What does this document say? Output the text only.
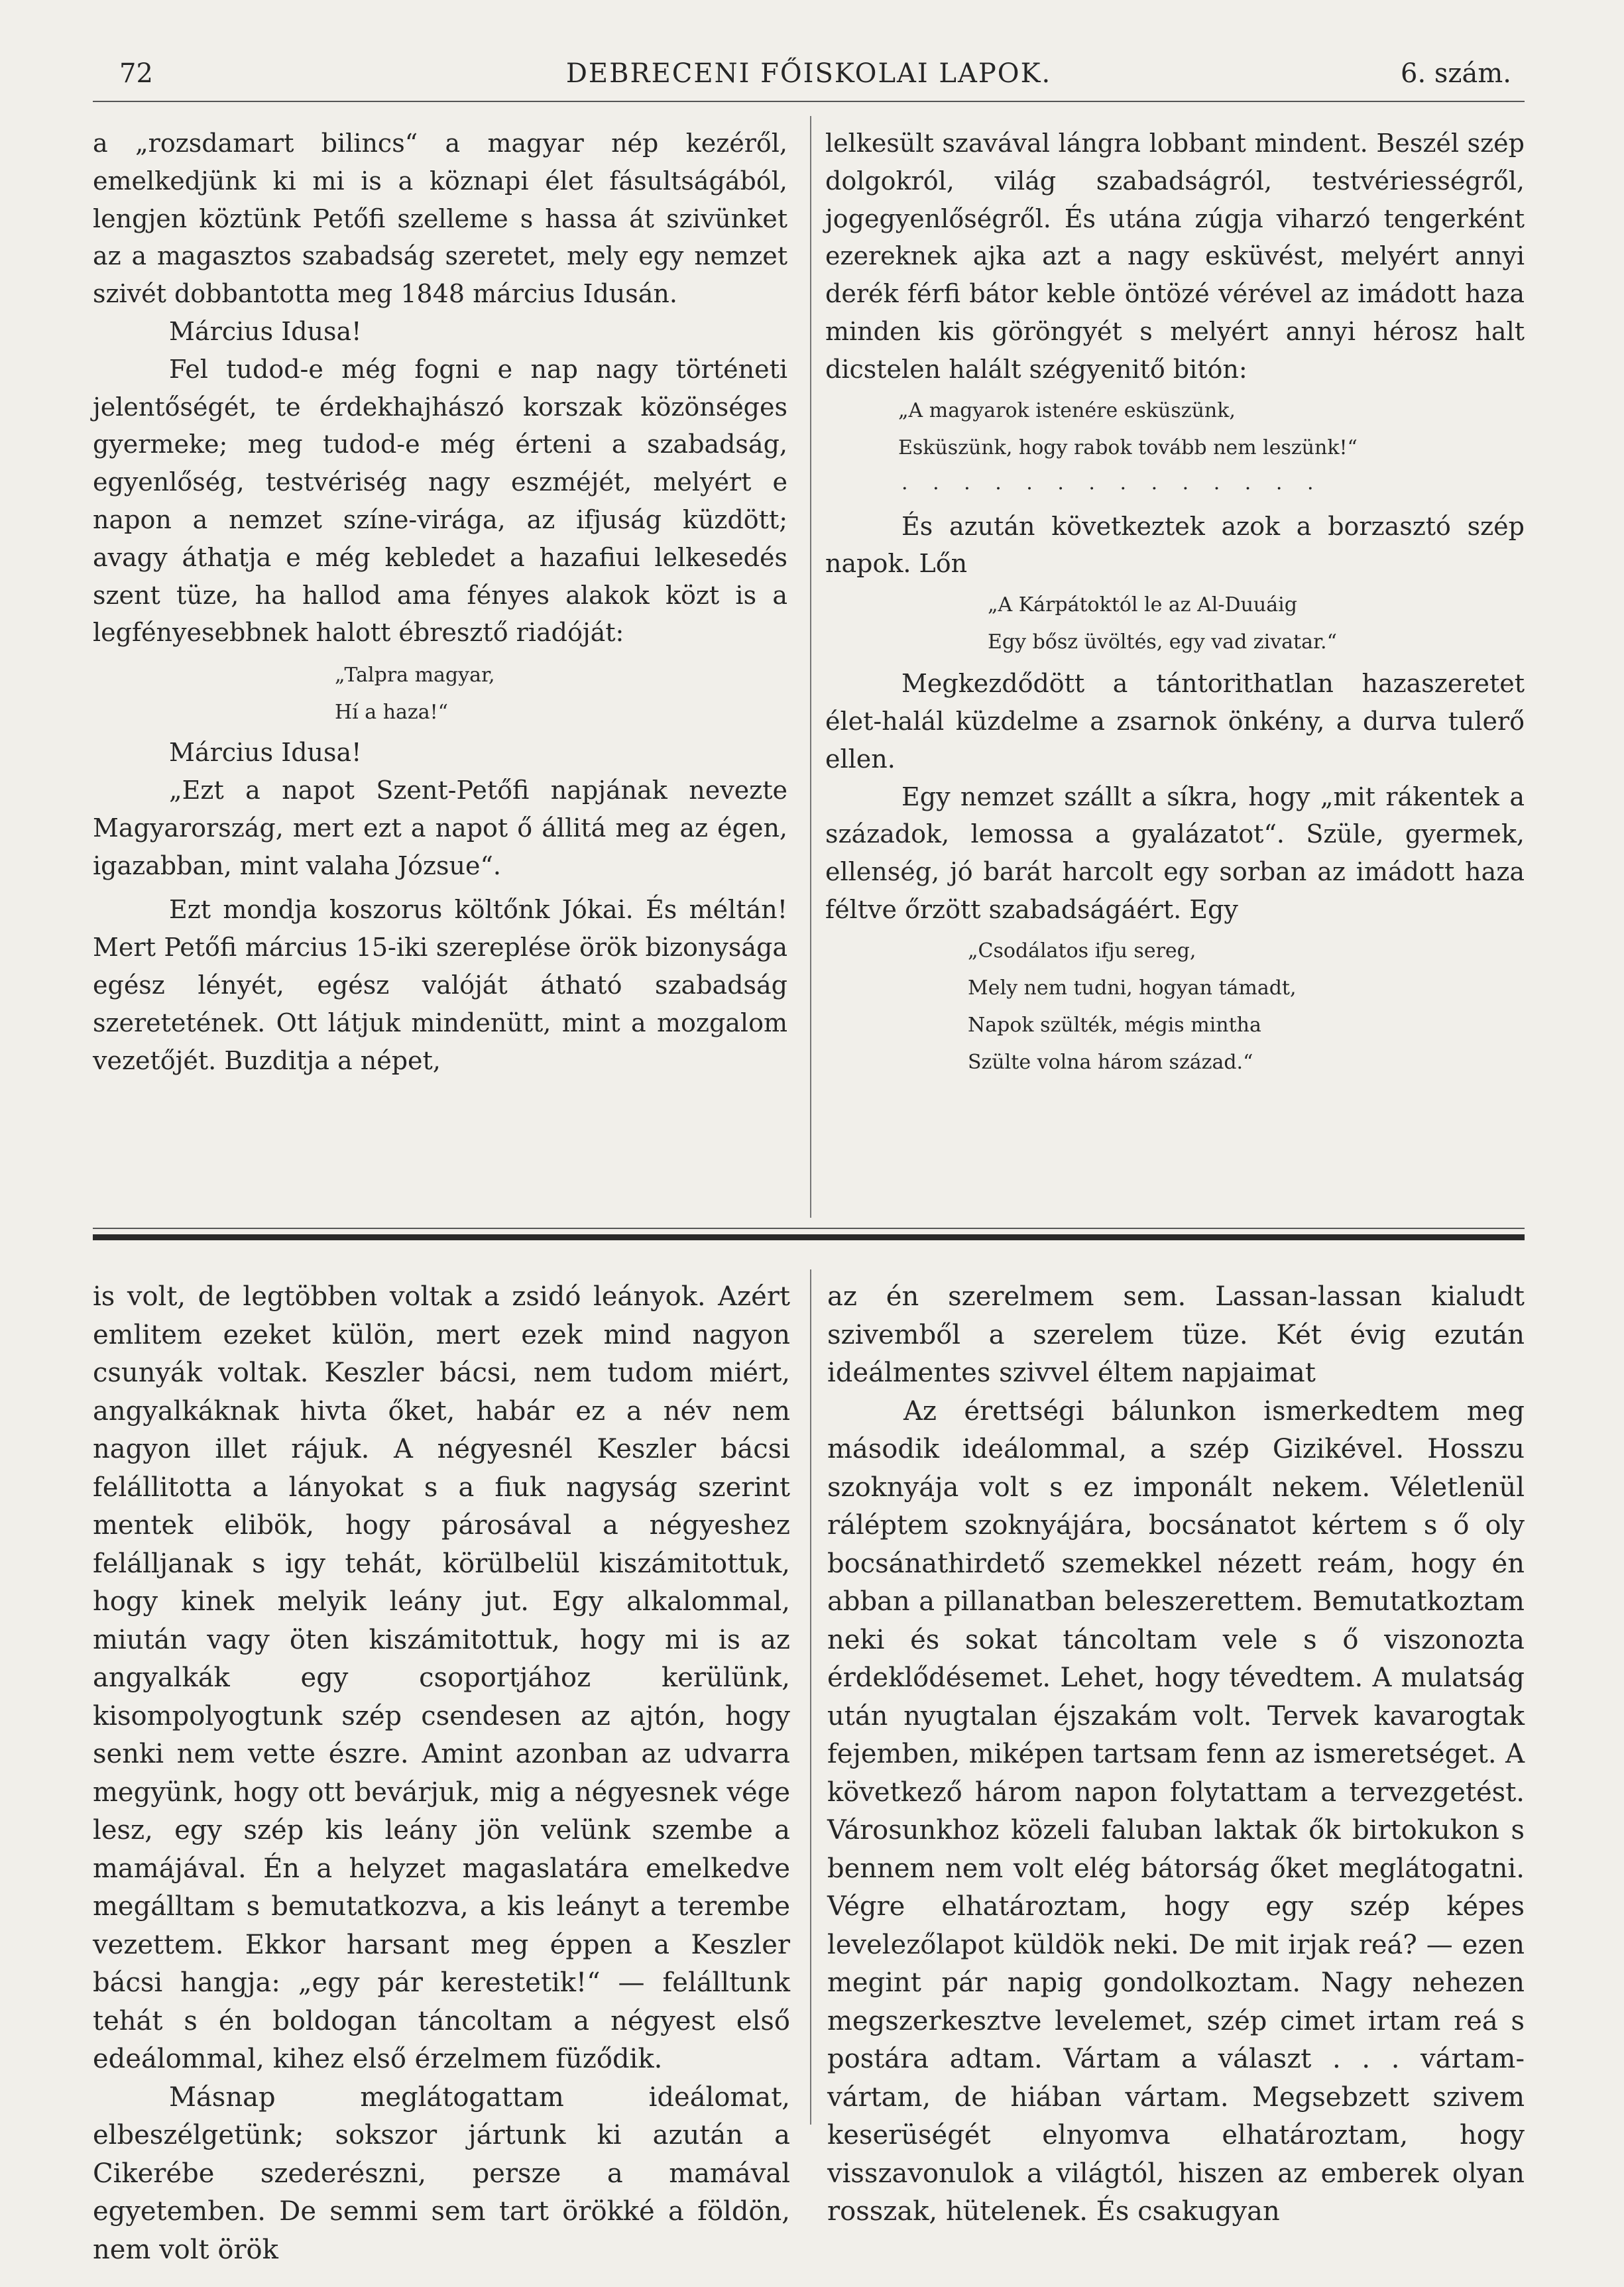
72	DEBRECENI FŐISKOLAI LAPOK.	6. szám.

a „rozsdamart bilincs“ a magyar nép kezéről, emelkedjünk ki mi is a köznapi élet fásultságából, lengjen köztünk Petőfi szelleme s hassa át szivünket az a magasztos szabadság szeretet, mely egy nemzet szivét dobbantotta meg 1848 március Idusán.

Március Idusa!

Fel tudod-e még fogni e nap nagy történeti jelentőségét, te érdekhajhászó korszak közönséges gyermeke; meg tudod-e még érteni a szabadság, egyenlőség, testvériség nagy eszméjét, melyért e napon a nemzet színe-virága, az ifjuság küzdött; avagy áthatja e még kebledet a hazafiui lelkesedés szent tüze, ha hallod ama fényes alakok közt is a legfényesebbnek halott ébresztő riadóját:

„Talpra magyar,
Hí a haza!“

Március Idusa!

„Ezt a napot Szent-Petőfi napjának nevezte Magyarország, mert ezt a napot ő állitá meg az égen, igazabban, mint valaha Józsue“.

Ezt mondja koszorus költőnk Jókai. És méltán! Mert Petőfi március 15-iki szereplése örök bizonysága egész lényét, egész valóját átható szabadság szeretetének. Ott látjuk mindenütt, mint a mozgalom vezetőjét. Buzditja a népet,

lelkesült szavával lángra lobbant mindent. Beszél szép dolgokról, világ szabadságról, testvériességről, jogegyenlőségről. És utána zúgja viharzó tengerként ezereknek ajka azt a nagy esküvést, melyért annyi derék férfi bátor keble öntözé vérével az imádott haza minden kis göröngyét s melyért annyi hérosz halt dicstelen halált szégyenitő bitón:

„A magyarok istenére esküszünk,
Esküszünk, hogy rabok tovább nem leszünk!“
. . . . . . . . . . . . . .

És azután következtek azok a borzasztó szép napok. Lőn

„A Kárpátoktól le az Al-Duuáig
Egy bősz üvöltés, egy vad zivatar.“

Megkezdődött a tántorithatlan hazaszeretet élet-halál küzdelme a zsarnok önkény, a durva tulerő ellen.

Egy nemzet szállt a síkra, hogy „mit rákentek a századok, lemossa a gyalázatot“. Szüle, gyermek, ellenség, jó barát harcolt egy sorban az imádott haza féltve őrzött szabadságáért. Egy

„Csodálatos ifju sereg,
Mely nem tudni, hogyan támadt,
Napok szülték, mégis mintha
Szülte volna három század.“

is volt, de legtöbben voltak a zsidó leányok. Azért emlitem ezeket külön, mert ezek mind nagyon csunyák voltak. Keszler bácsi, nem tudom miért, angyalkáknak hivta őket, habár ez a név nem nagyon illet rájuk. A négyesnél Keszler bácsi felállitotta a lányokat s a fiuk nagyság szerint mentek elibök, hogy párosával a négyeshez felálljanak s igy tehát, körülbelül kiszámitottuk, hogy kinek melyik leány jut. Egy alkalommal, miután vagy öten kiszámitottuk, hogy mi is az angyalkák egy csoportjához kerülünk, kisompolyogtunk szép csendesen az ajtón, hogy senki nem vette észre. Amint azonban az udvarra megyünk, hogy ott bevárjuk, mig a négyesnek vége lesz, egy szép kis leány jön velünk szembe a mamájával. Én a helyzet magaslatára emelkedve megálltam s bemutatkozva, a kis leányt a terembe vezettem. Ekkor harsant meg éppen a Keszler bácsi hangja: „egy pár kerestetik!“ — felálltunk tehát s én boldogan táncoltam a négyest első edeálommal, kihez első érzelmem füződik.

Másnap meglátogattam ideálomat, elbeszélgetünk; sokszor jártunk ki azután a Cikerébe szederészni, persze a mamával egyetemben. De semmi sem tart örökké a földön, nem volt örök

az én szerelmem sem. Lassan-lassan kialudt szivemből a szerelem tüze. Két évig ezután ideálmentes szivvel éltem napjaimat

Az érettségi bálunkon ismerkedtem meg második ideálommal, a szép Gizikével. Hosszu szoknyája volt s ez imponált nekem. Véletlenül ráléptem szoknyájára, bocsánatot kértem s ő oly bocsánathirdető szemekkel nézett reám, hogy én abban a pillanatban beleszerettem. Bemutatkoztam neki és sokat táncoltam vele s ő viszonozta érdeklődésemet. Lehet, hogy tévedtem. A mulatság után nyugtalan éjszakám volt. Tervek kavarogtak fejemben, miképen tartsam fenn az ismeretséget. A következő három napon folytattam a tervezgetést. Városunkhoz közeli faluban laktak ők birtokukon s bennem nem volt elég bátorság őket meglátogatni. Végre elhatároztam, hogy egy szép képes levelezőlapot küldök neki. De mit irjak reá? — ezen megint pár napig gondolkoztam. Nagy nehezen megszerkesztve levelemet, szép cimet irtam reá s postára adtam. Vártam a választ . . . vártam-vártam, de hiában vártam. Megsebzett szivem keserüségét elnyomva elhatároztam, hogy visszavonulok a világtól, hiszen az emberek olyan rosszak, hütelenek. És csakugyan
